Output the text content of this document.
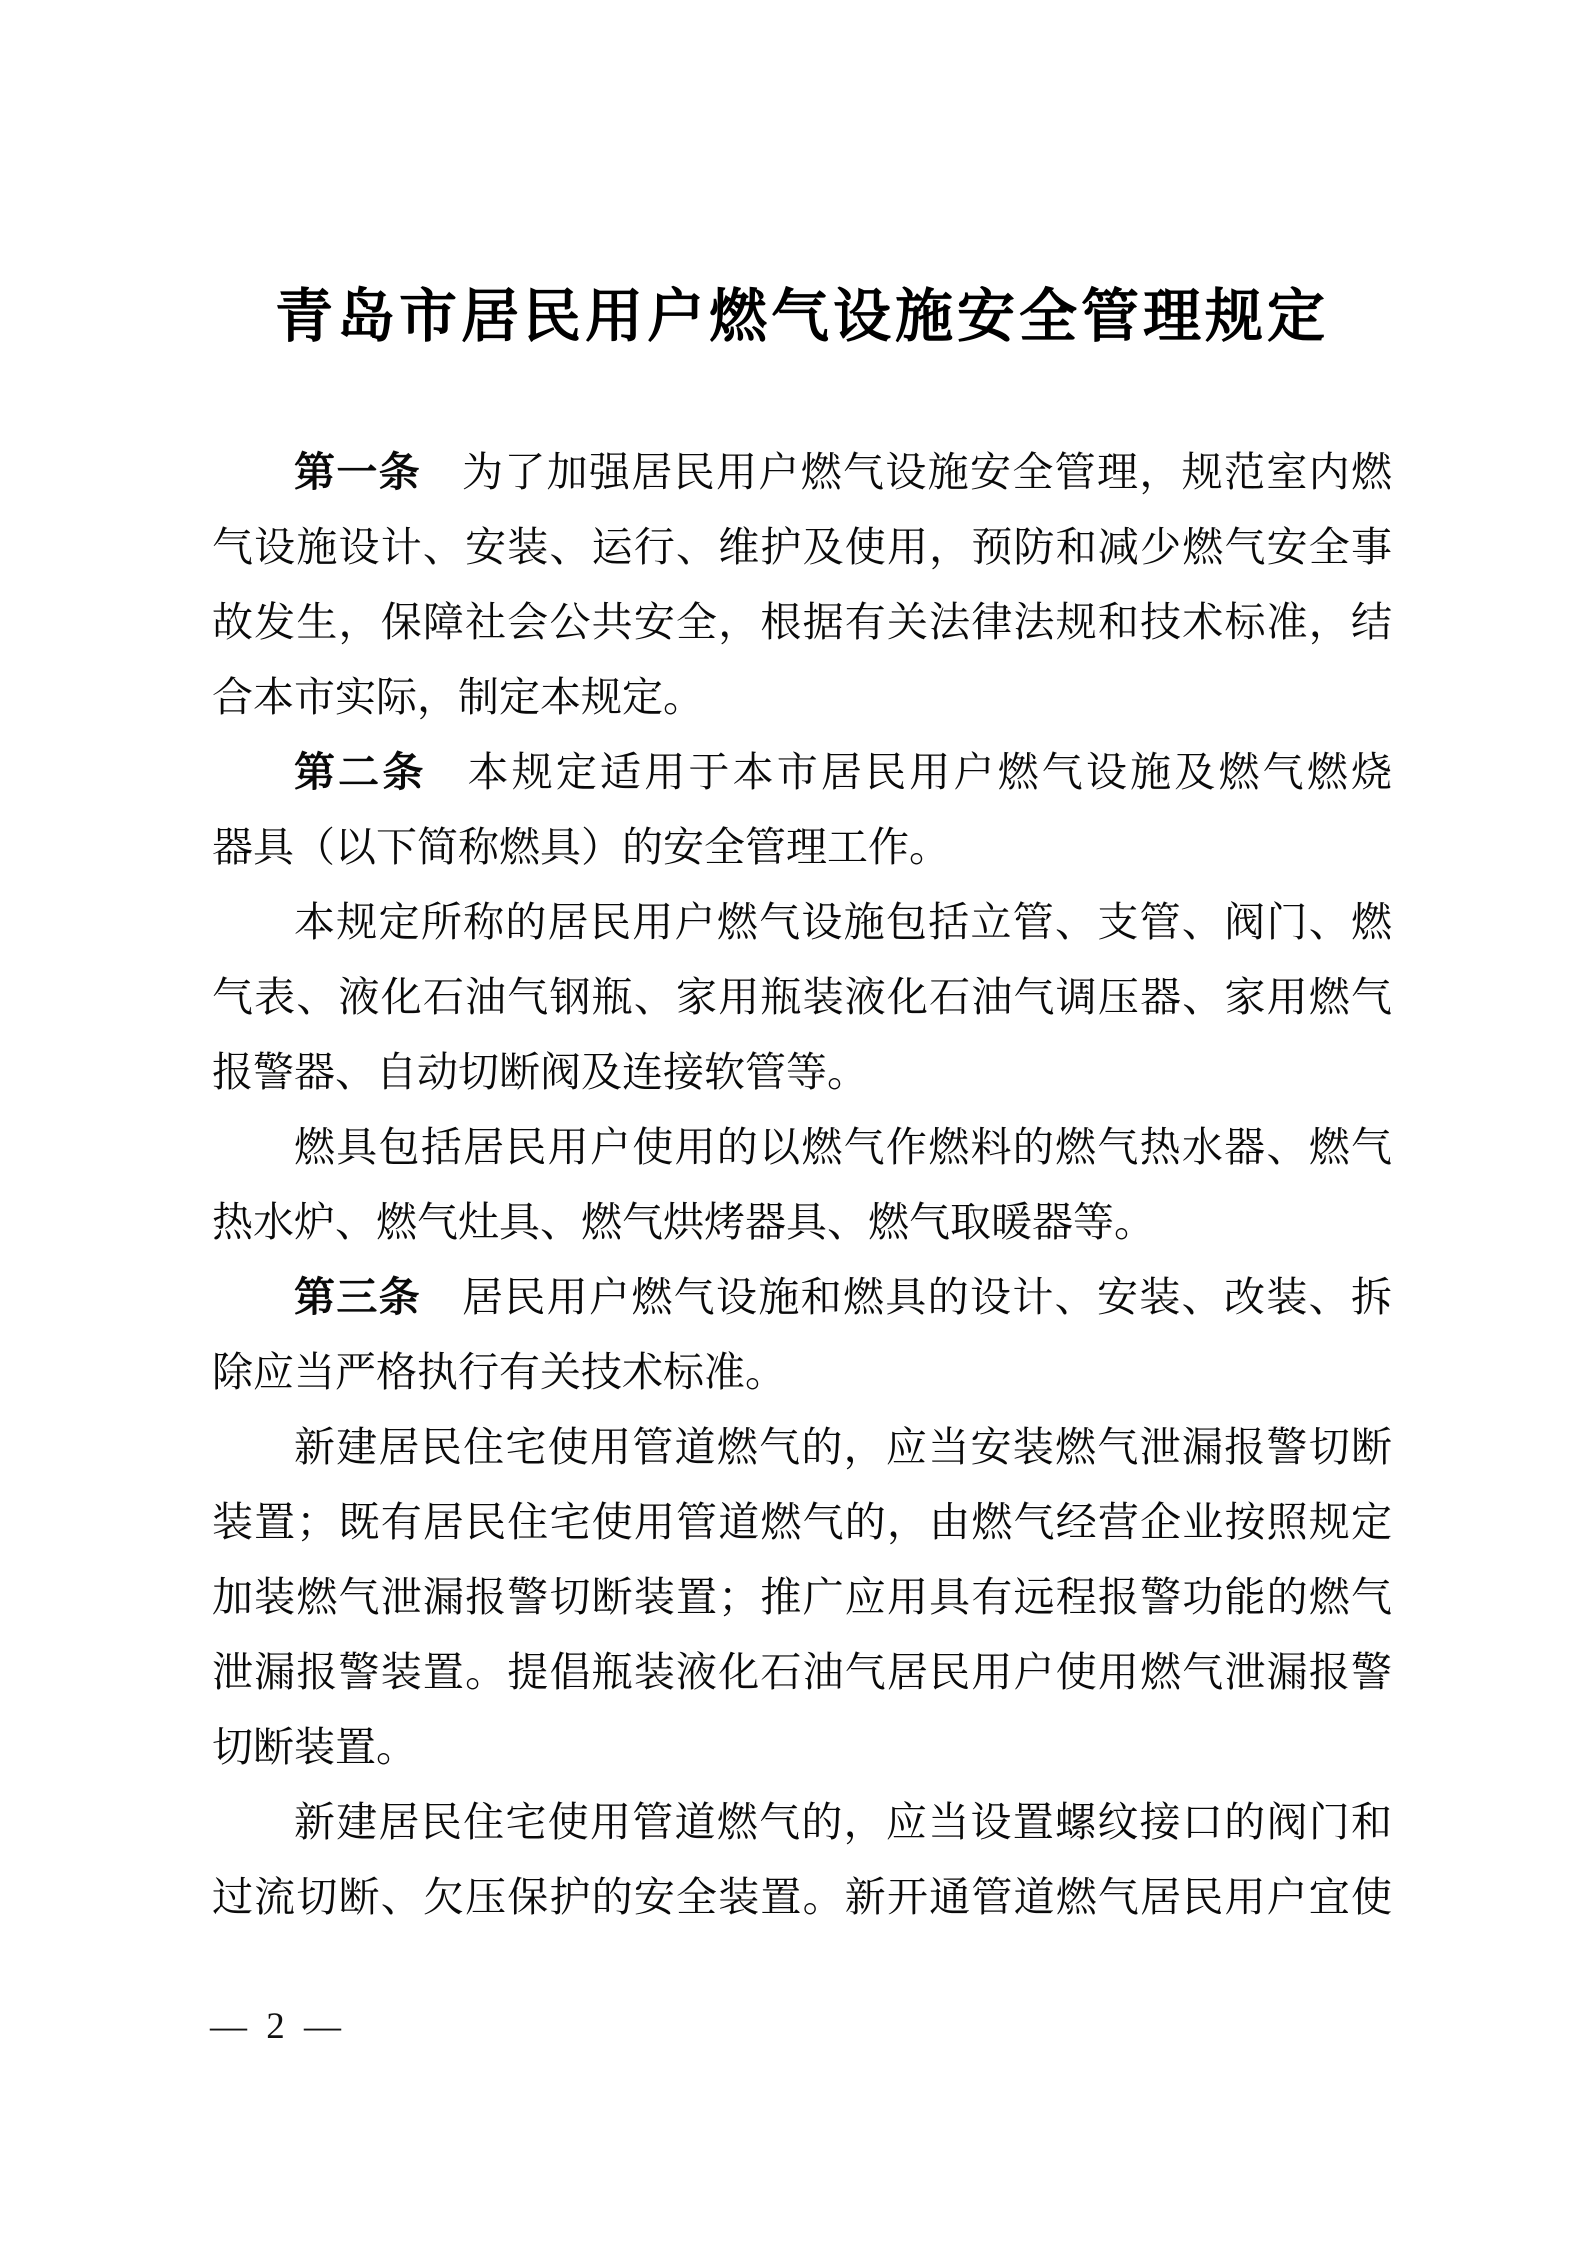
青岛市居民用户燃气设施安全管理规定
第一条 为了加强居民用户燃气设施安全管理，规范室内燃
气设施设计、安装、运行、维护及使用，预防和减少燃气安全事
故发生，保障社会公共安全，根据有关法律法规和技术标准，结
合本市实际，制定本规定。
第二条 本规定适用于本市居民用户燃气设施及燃气燃烧
器具（以下简称燃具）的安全管理工作。
本规定所称的居民用户燃气设施包括立管、支管、阀门、燃
气表、液化石油气钢瓶、家用瓶装液化石油气调压器、家用燃气
报警器、自动切断阀及连接软管等。
燃具包括居民用户使用的以燃气作燃料的燃气热水器、燃气
热水炉、燃气灶具、燃气烘烤器具、燃气取暖器等。
第三条 居民用户燃气设施和燃具的设计、安装、改装、拆
除应当严格执行有关技术标准。
新建居民住宅使用管道燃气的，应当安装燃气泄漏报警切断
装置；既有居民住宅使用管道燃气的，由燃气经营企业按照规定
加装燃气泄漏报警切断装置；推广应用具有远程报警功能的燃气
泄漏报警装置。提倡瓶装液化石油气居民用户使用燃气泄漏报警
切断装置。
新建居民住宅使用管道燃气的，应当设置螺纹接口的阀门和
过流切断、欠压保护的安全装置。新开通管道燃气居民用户宜使
— 2 —
